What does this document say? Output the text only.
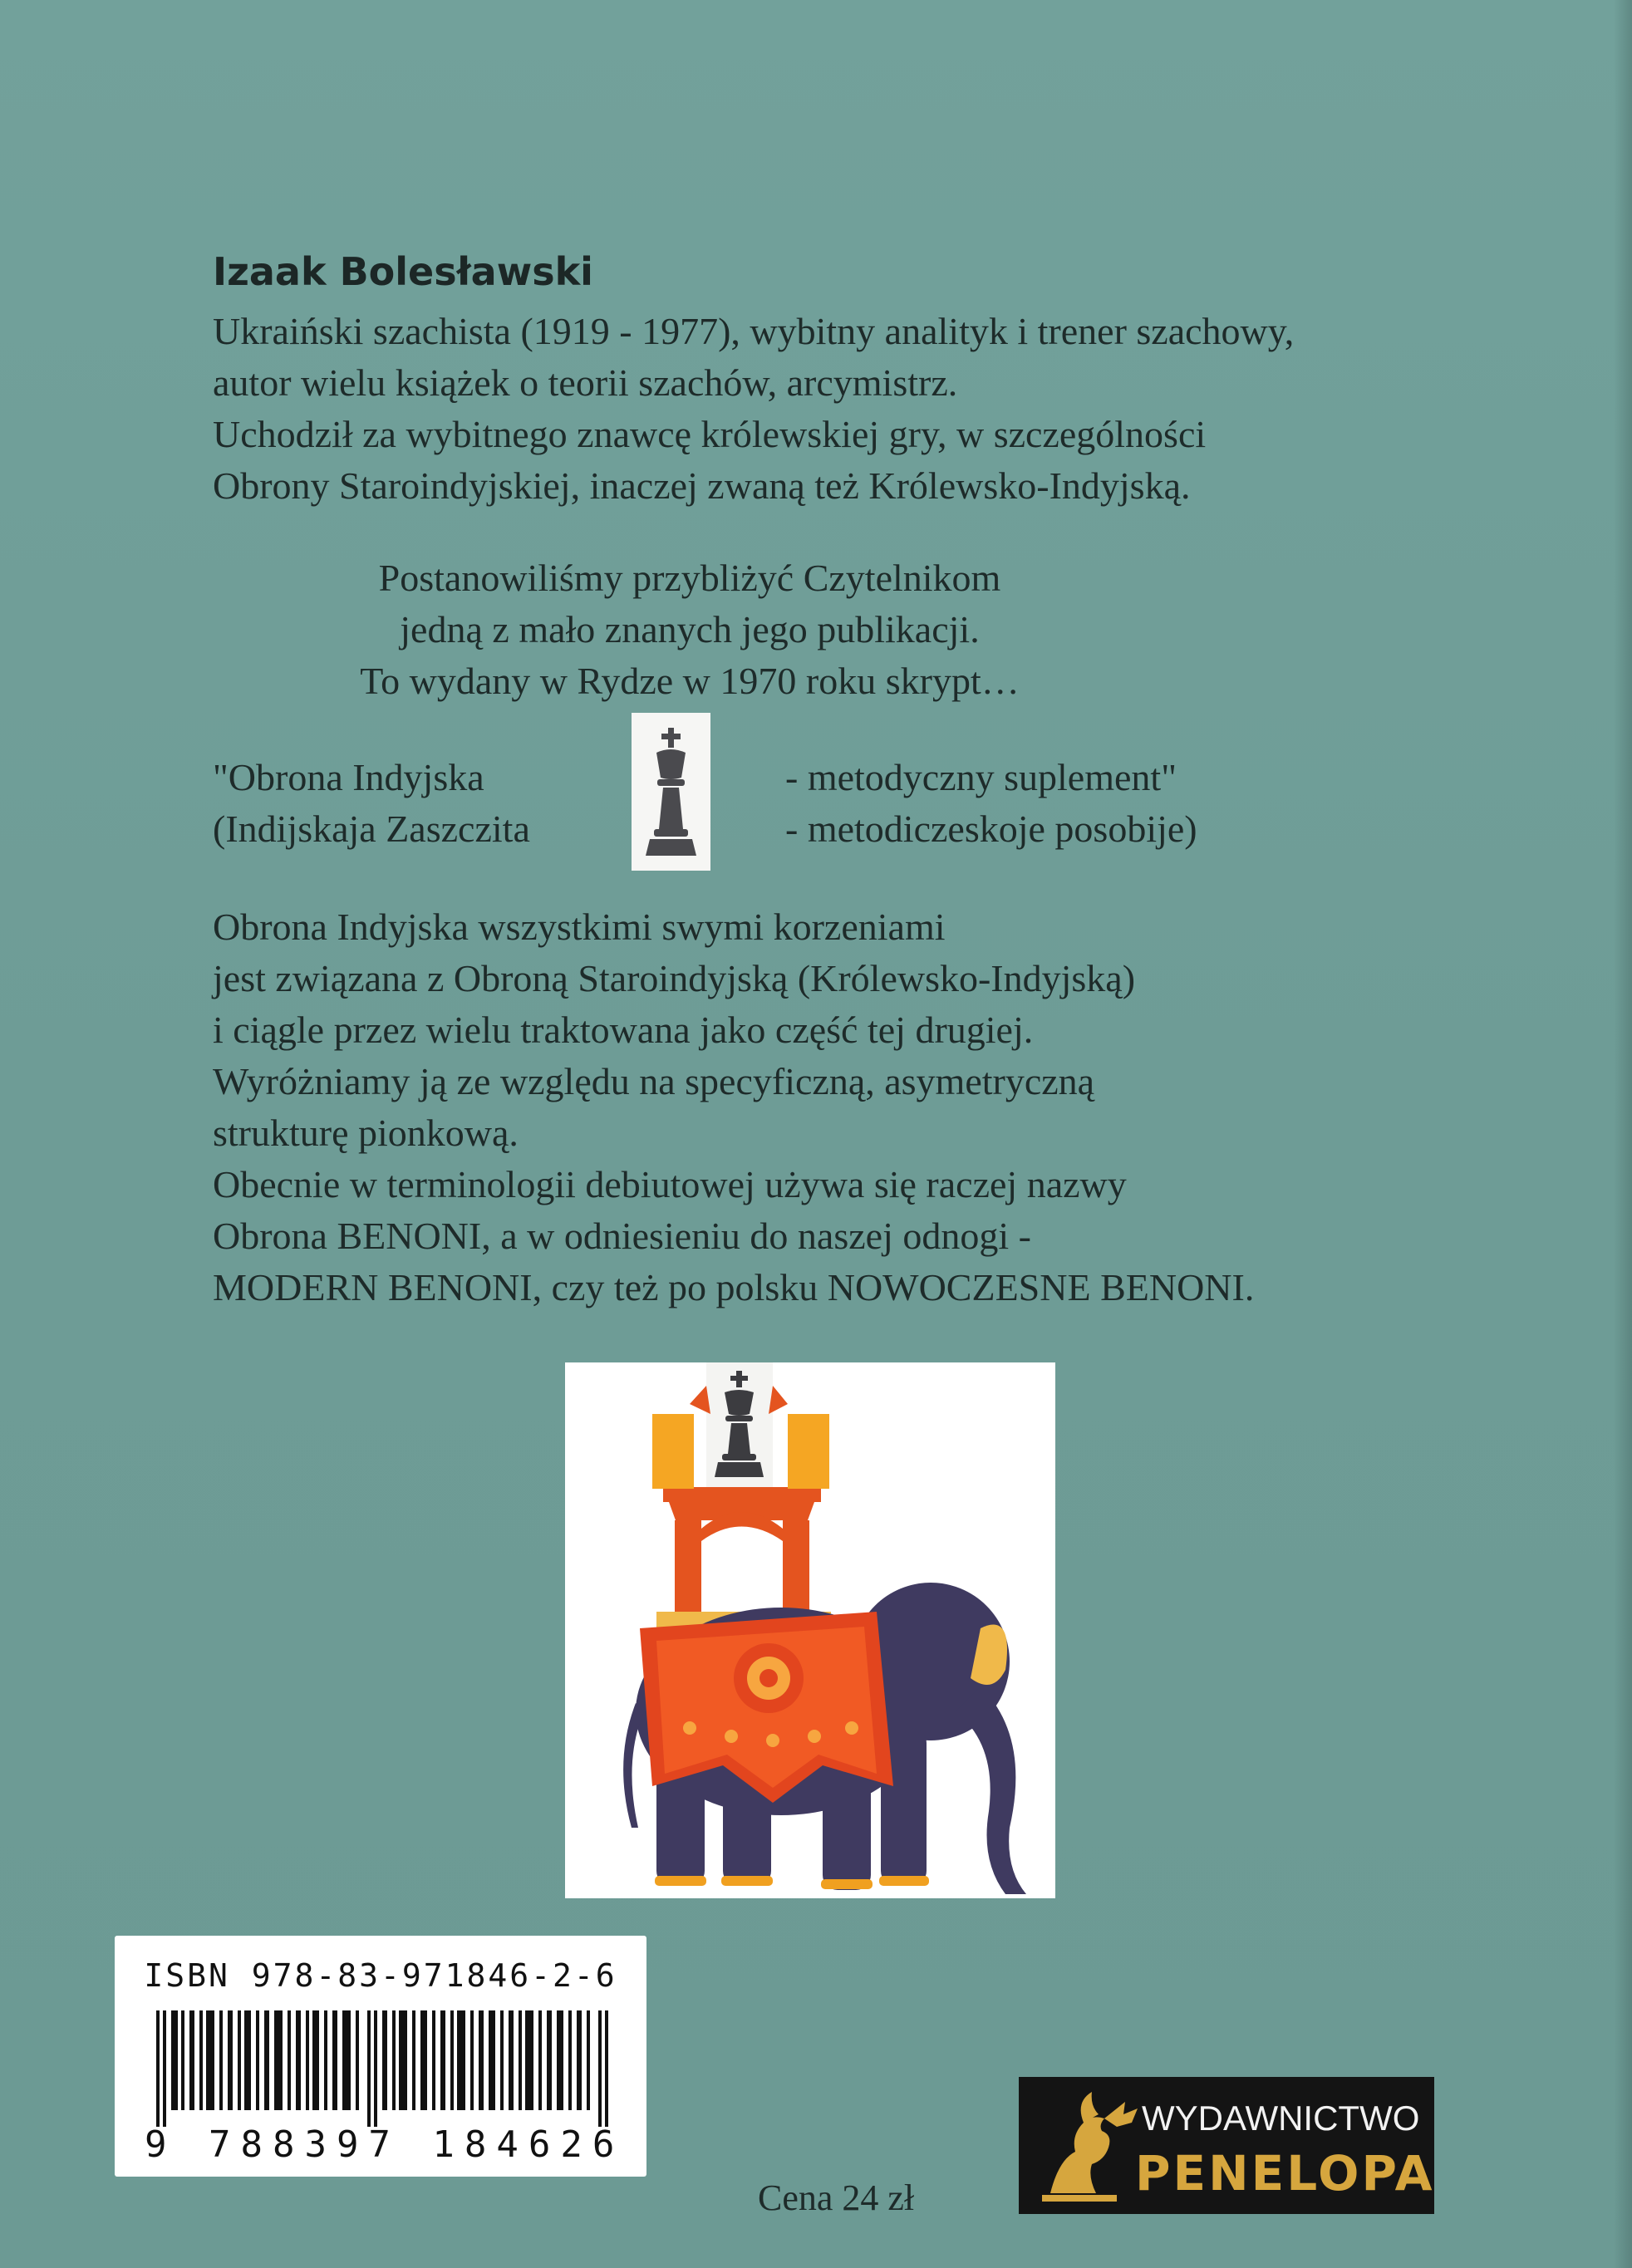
Izaak Bolesławski

Ukraiński szachista (1919 - 1977), wybitny analityk i trener szachowy,

autor wielu książek o teorii szachów, arcymistrz.

Uchodził za wybitnego znawcę królewskiej gry, w szczególności

Obrony Staroindyjskiej, inaczej zwaną też Królewsko-Indyjską.

Postanowiliśmy przybliżyć Czytelnikom

jedną z mało znanych jego publikacji.

To wydany w Rydze w 1970 roku skrypt…

"Obrona Indyjska

(Indijskaja Zaszczita

- metodyczny suplement"

- metodiczeskoje posobije)

Obrona Indyjska wszystkimi swymi korzeniami

jest związana z Obroną Staroindyjską (Królewsko-Indyjską)

i ciągle przez wielu traktowana jako część tej drugiej.

Wyróżniamy ją ze względu na specyficzną, asymetryczną

strukturę pionkową.

Obecnie w terminologii debiutowej używa się raczej nazwy

Obrona BENONI, a w odniesieniu do naszej odnogi -

MODERN BENONI, czy też po polsku NOWOCZESNE BENONI.

ISBN 978-83-971846-2-6
9 788397 184626
Cena 24 zł
WYDAWNICTWO
PENELOPA
